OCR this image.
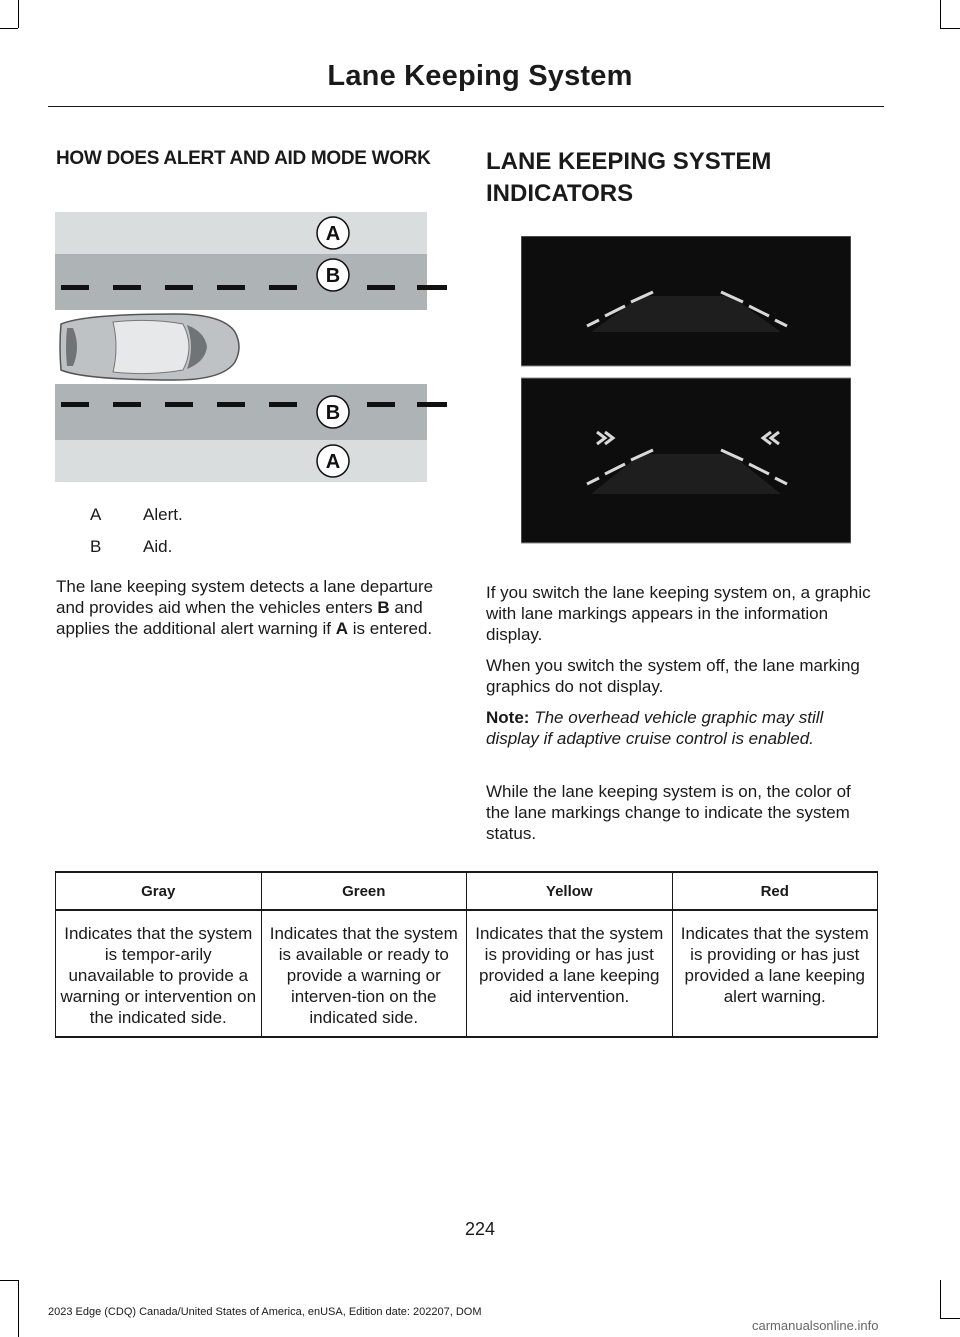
Lane Keeping System
HOW DOES ALERT AND AID MODE WORK
A
B
B
A
A Alert.
B Aid.
The lane keeping system detects a lane departure and provides aid when the vehicles enters B and applies the additional alert warning if A is entered.
LANE KEEPING SYSTEM INDICATORS
If you switch the lane keeping system on, a graphic with lane markings appears in the information display.
When you switch the system off, the lane marking graphics do not display.
Note: The overhead vehicle graphic may still display if adaptive cruise control is enabled.
While the lane keeping system is on, the color of the lane markings change to indicate the system status.
Gray	Green	Yellow	Red
Indicates that the system is tempor-arily unavailable to provide a warning or intervention on the indicated side.	Indicates that the system is available or ready to provide a warning or interven-tion on the indicated side.	Indicates that the system is providing or has just provided a lane keeping aid intervention.	Indicates that the system is providing or has just provided a lane keeping alert warning.
224
2023 Edge (CDQ) Canada/United States of America, enUSA, Edition date: 202207, DOM
carmanualsonline.info
